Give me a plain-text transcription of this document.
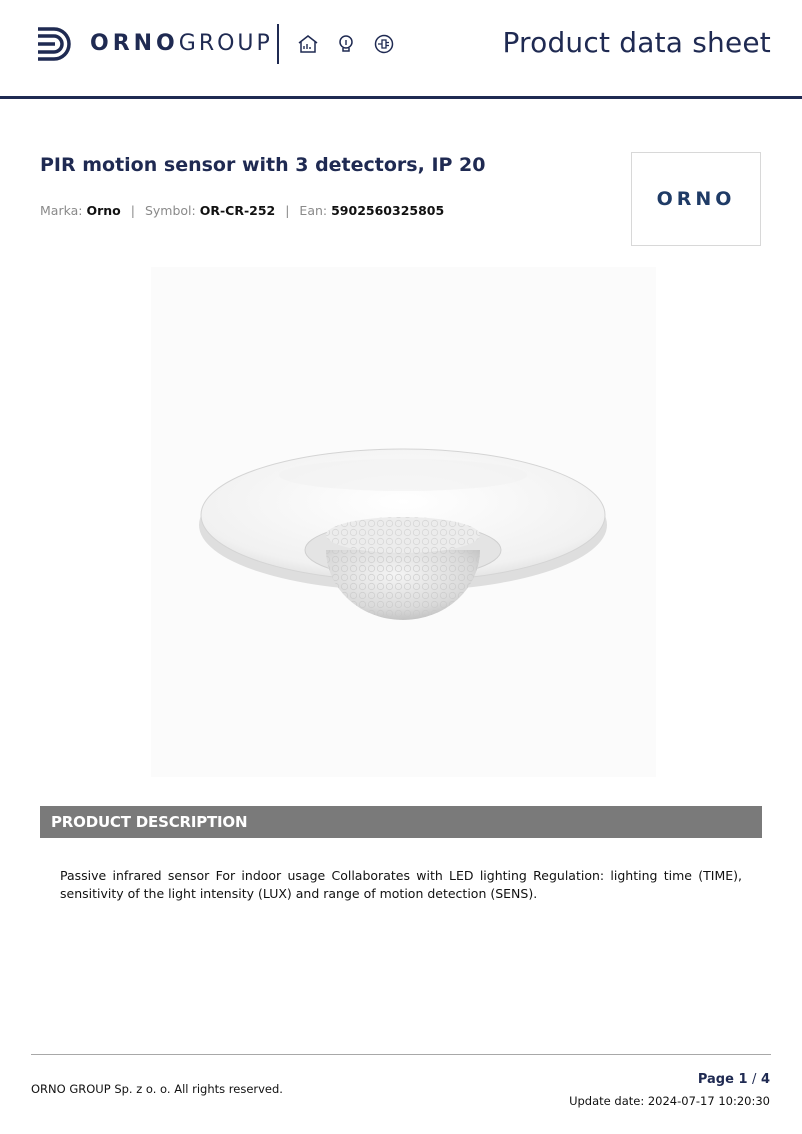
ORNOGROUP	Product data sheet
PIR motion sensor with 3 detectors, IP 20
Marka: Orno | Symbol: OR-CR-252 | Ean: 5902560325805
ORNO
PRODUCT DESCRIPTION
Passive infrared sensor For indoor usage Collaborates with LED lighting Regulation: lighting time (TIME), sensitivity of the light intensity (LUX) and range of motion detection (SENS).
ORNO GROUP Sp. z o. o. All rights reserved.
Page 1 / 4
Update date: 2024-07-17 10:20:30
